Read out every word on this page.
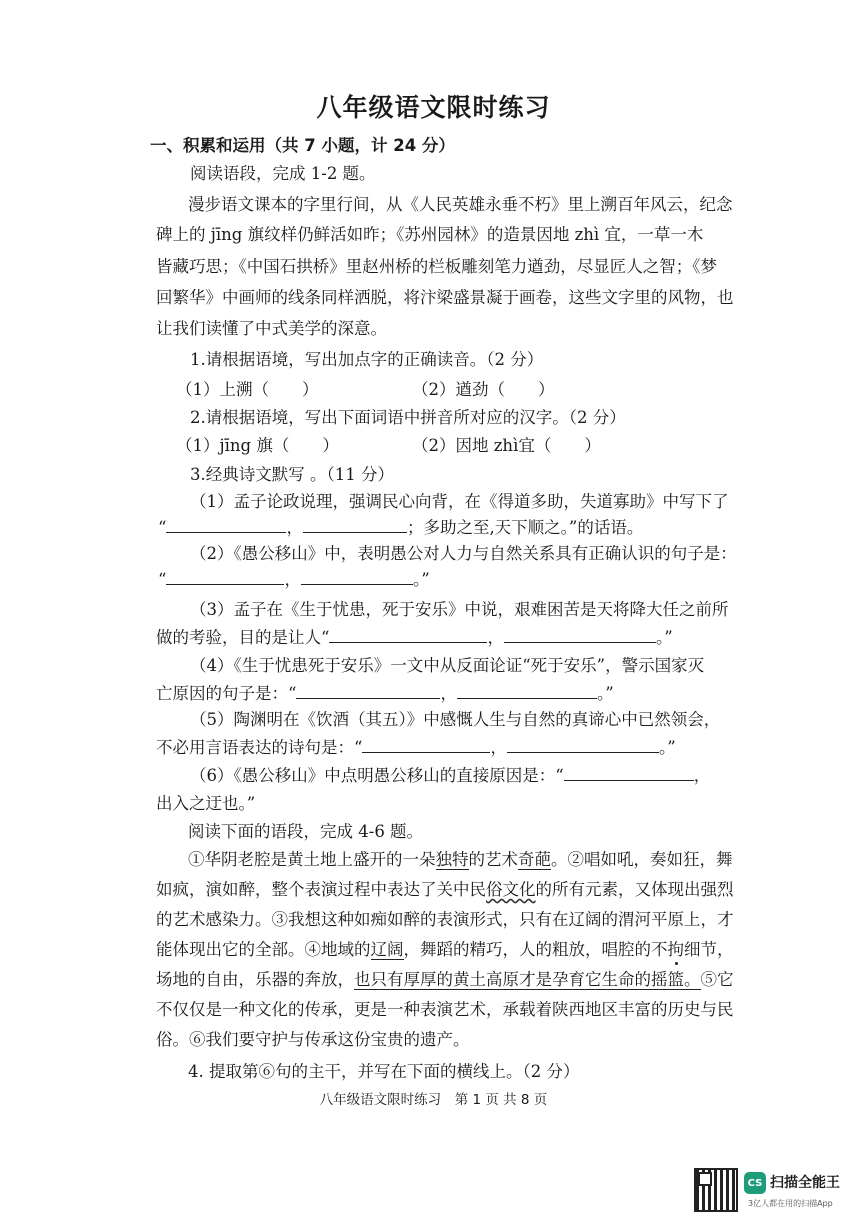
八年级语文限时练习
一、积累和运用（共 7 小题，计 24 分）
阅读语段，完成 1-2 题。
漫步语文课本的字里行间，从《人民英雄永垂不朽》里上溯百年风云，纪念
碑上的 jīng 旗纹样仍鲜活如昨；《苏州园林》的造景因地 zhì 宜，一草一木
皆藏巧思；《中国石拱桥》里赵州桥的栏板雕刻笔力遒劲，尽显匠人之智；《梦
回繁华》中画师的线条同样洒脱，将汴梁盛景凝于画卷，这些文字里的风物，也
让我们读懂了中式美学的深意。
1.请根据语境，写出加点字的正确读音。（2 分）
（1）上溯（　　）	（2）遒劲（　　）
2.请根据语境，写出下面词语中拼音所对应的汉字。（2 分）
（1）jīng 旗（　　）	（2）因地 zhì宜（　　）
3.经典诗文默写 。（11 分）
（1）孟子论政说理，强调民心向背，在《得道多助，失道寡助》中写下了
“	，	；多助之至,天下顺之。”的话语。
（2）《愚公移山》中，表明愚公对人力与自然关系具有正确认识的句子是：
“	，	。”
（3）孟子在《生于忧患，死于安乐》中说，艰难困苦是天将降大任之前所
做的考验，目的是让人“	，	。”
（4）《生于忧患死于安乐》一文中从反面论证“死于安乐”，警示国家灭
亡原因的句子是：“	，	。”
（5）陶渊明在《饮酒（其五）》中感慨人生与自然的真谛心中已然领会，
不必用言语表达的诗句是：“	，	。”
（6）《愚公移山》中点明愚公移山的直接原因是：“	，
出入之迂也。”
阅读下面的语段，完成 4-6 题。
①华阴老腔是黄土地上盛开的一朵独特的艺术奇葩。②唱如吼，奏如狂，舞
如疯，演如醉，整个表演过程中表达了关中民俗文化的所有元素，又体现出强烈
的艺术感染力。③我想这种如痴如醉的表演形式，只有在辽阔的渭河平原上，才
能体现出它的全部。④地域的辽阔，舞蹈的精巧，人的粗放，唱腔的不拘细节，
场地的自由，乐器的奔放，也只有厚厚的黄土高原才是孕育它生命的摇篮。⑤它
不仅仅是一种文化的传承，更是一种表演艺术，承载着陕西地区丰富的历史与民
俗。⑥我们要守护与传承这份宝贵的遗产。
4. 提取第⑥句的主干，并写在下面的横线上。（2 分）
八年级语文限时练习　第 1 页 共 8 页
CS 扫描全能王
3亿人都在用的扫描App
